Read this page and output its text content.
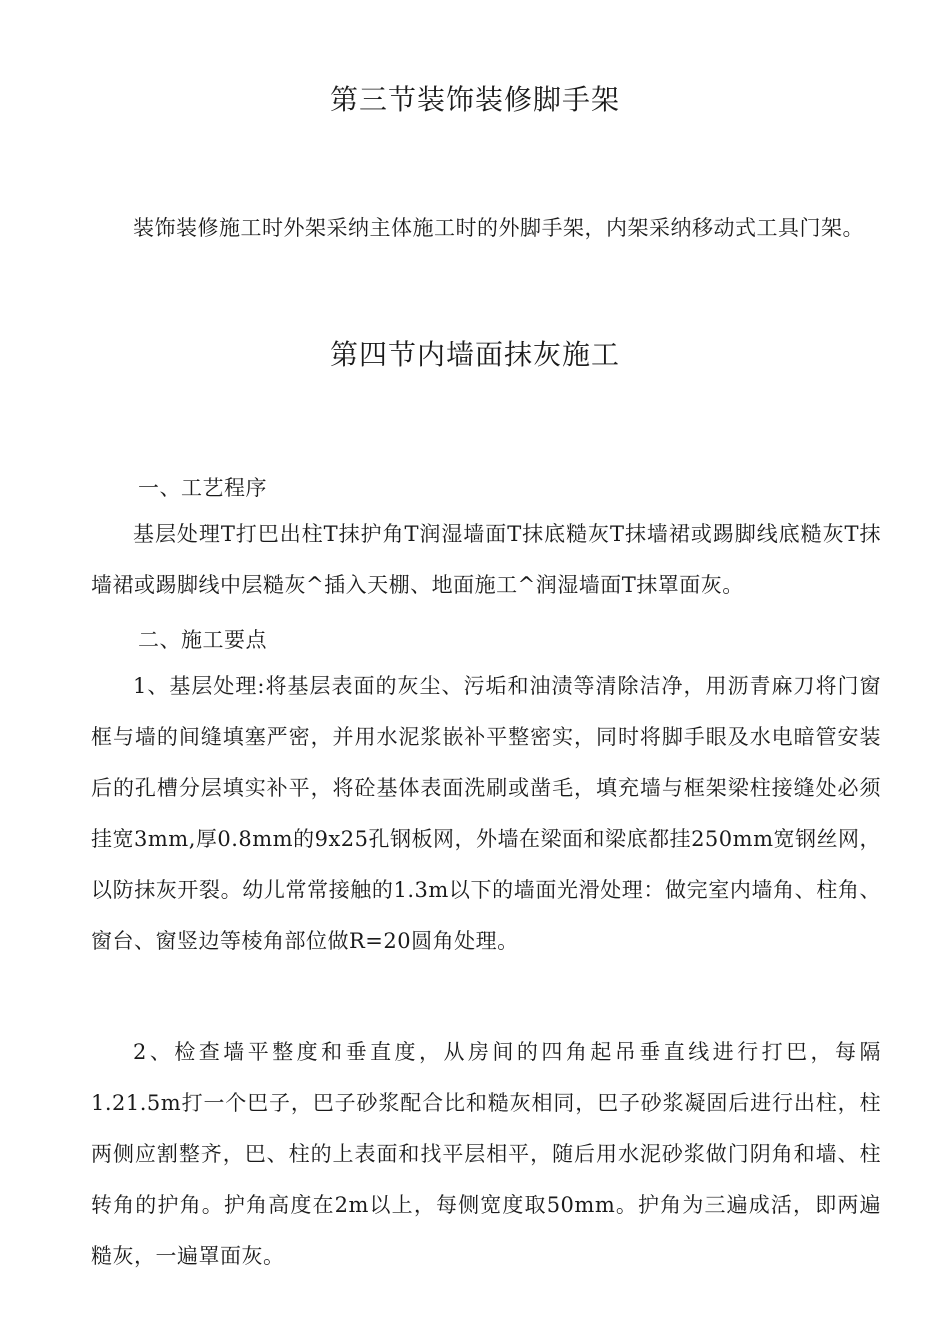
第三节装饰装修脚手架

装饰装修施工时外架采纳主体施工时的外脚手架，内架采纳移动式工具门架。

第四节内墙面抹灰施工

一、工艺程序

基层处理T打巴出柱T抹护角T润湿墙面T抹底糙灰T抹墙裙或踢脚线底糙灰T抹墙裙或踢脚线中层糙灰^插入天棚、地面施工^润湿墙面T抹罩面灰。

二、施工要点

1、基层处理:将基层表面的灰尘、污垢和油渍等清除洁净，用沥青麻刀将门窗框与墙的间缝填塞严密，并用水泥浆嵌补平整密实，同时将脚手眼及水电暗管安装后的孔槽分层填实补平，将砼基体表面洗刷或凿毛，填充墙与框架梁柱接缝处必须挂宽3mm,厚0.8mm的9x25孔钢板网，外墙在梁面和梁底都挂250mm宽钢丝网，以防抹灰开裂。幼儿常常接触的1.3m以下的墙面光滑处理：做完室内墙角、柱角、窗台、窗竖边等棱角部位做R=20圆角处理。

2、检查墙平整度和垂直度，从房间的四角起吊垂直线进行打巴，每隔1.21.5m打一个巴子，巴子砂浆配合比和糙灰相同，巴子砂浆凝固后进行出柱，柱两侧应割整齐，巴、柱的上表面和找平层相平，随后用水泥砂浆做门阴角和墙、柱转角的护角。护角高度在2m以上，每侧宽度取50mm。护角为三遍成活，即两遍糙灰，一遍罩面灰。
